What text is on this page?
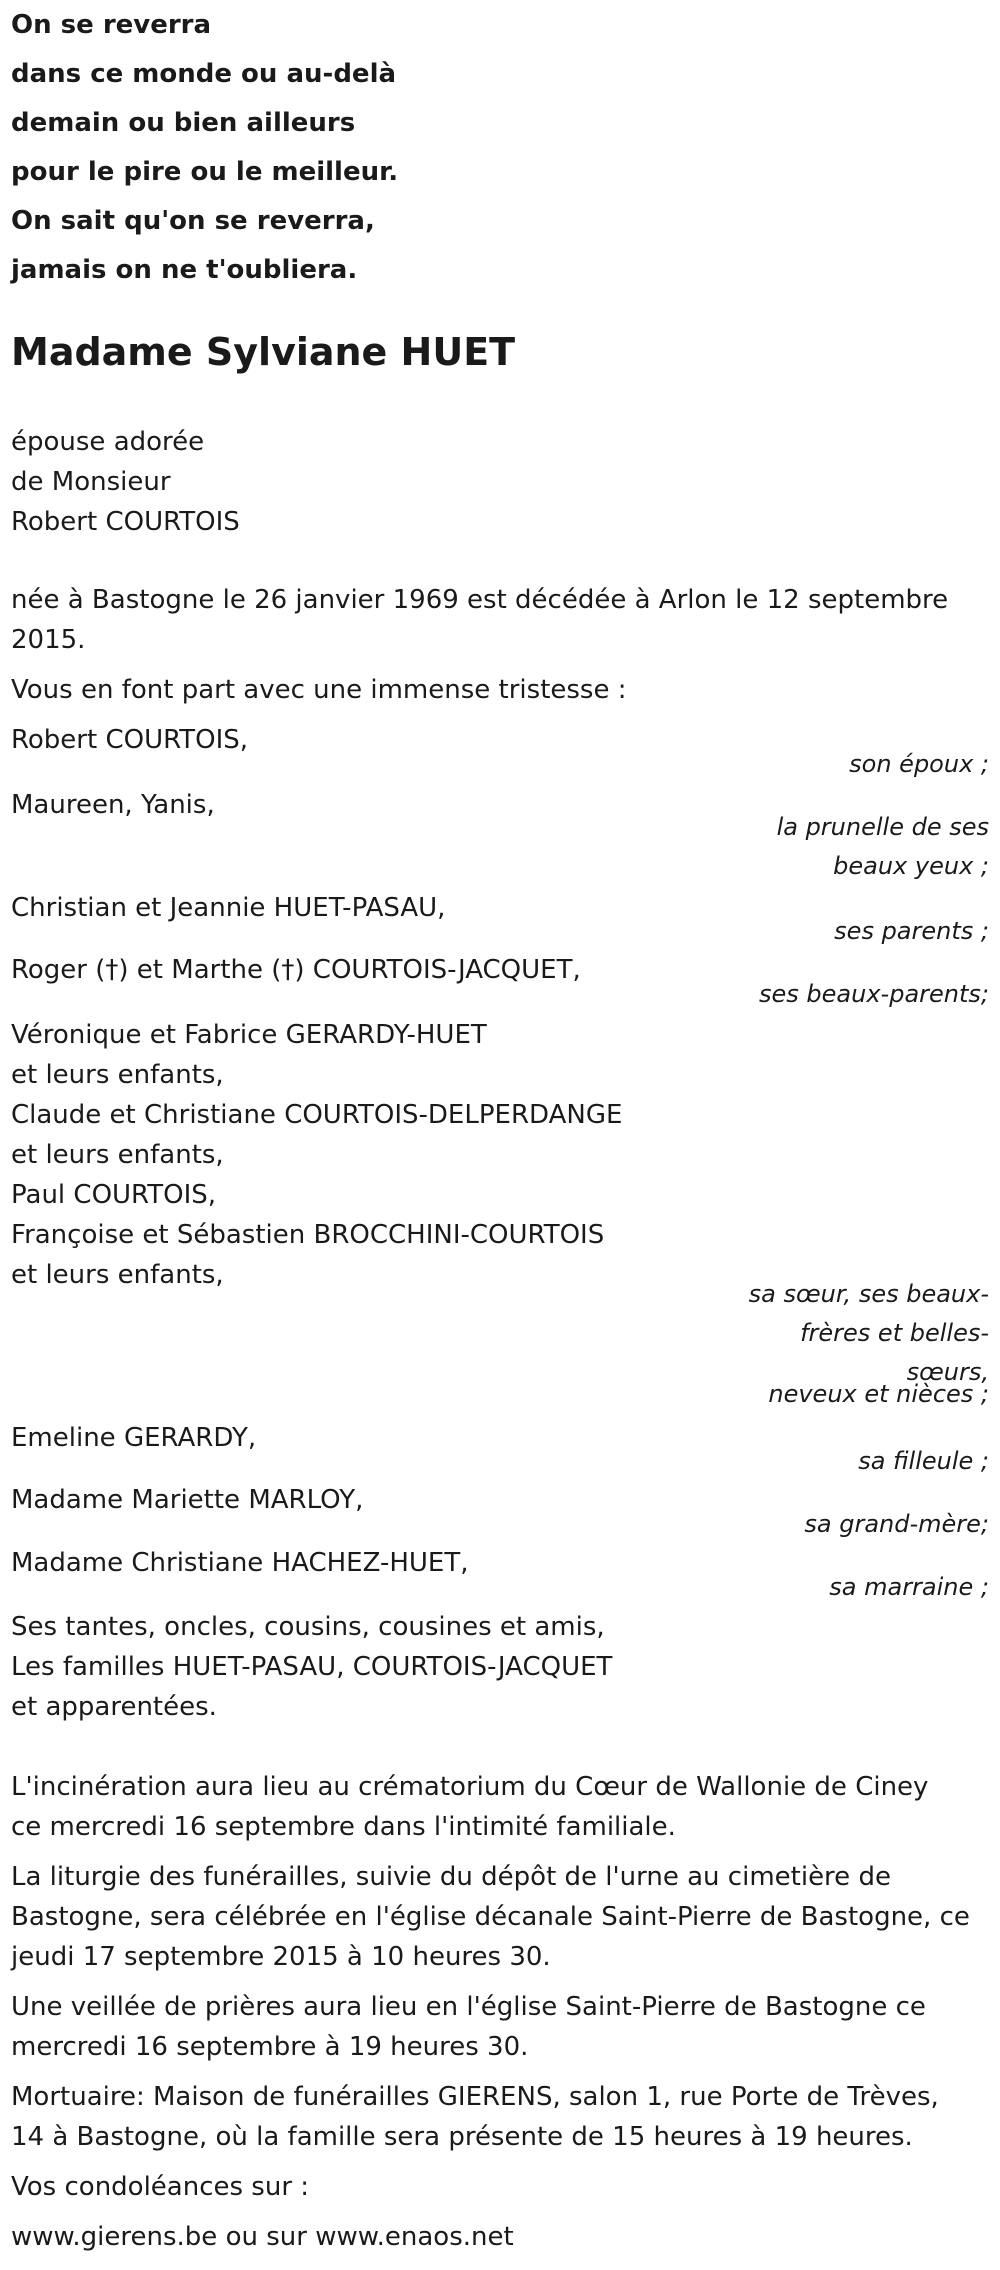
On se reverra
dans ce monde ou au-delà
demain ou bien ailleurs
pour le pire ou le meilleur.
On sait qu'on se reverra,
jamais on ne t'oubliera.
Madame Sylviane HUET
épouse adorée
de Monsieur
Robert COURTOIS
née à Bastogne le 26 janvier 1969 est décédée à Arlon le 12 septembre
2015.
Vous en font part avec une immense tristesse :
Robert COURTOIS,
son époux ;
Maureen, Yanis,
la prunelle de ses beaux yeux ;
Christian et Jeannie HUET-PASAU,
ses parents ;
Roger (†) et Marthe (†) COURTOIS-JACQUET,
ses beaux-parents;
Véronique et Fabrice GERARDY-HUET
et leurs enfants,
Claude et Christiane COURTOIS-DELPERDANGE
et leurs enfants,
Paul COURTOIS,
Françoise et Sébastien BROCCHINI-COURTOIS
et leurs enfants,
sa sœur, ses beaux-frères et belles-sœurs,
neveux et nièces ;
Emeline GERARDY,
sa filleule ;
Madame Mariette MARLOY,
sa grand-mère;
Madame Christiane HACHEZ-HUET,
sa marraine ;
Ses tantes, oncles, cousins, cousines et amis,
Les familles HUET-PASAU, COURTOIS-JACQUET
et apparentées.
L'incinération aura lieu au crématorium du Cœur de Wallonie de Ciney
ce mercredi 16 septembre dans l'intimité familiale.
La liturgie des funérailles, suivie du dépôt de l'urne au cimetière de
Bastogne, sera célébrée en l'église décanale Saint-Pierre de Bastogne, ce
jeudi 17 septembre 2015 à 10 heures 30.
Une veillée de prières aura lieu en l'église Saint-Pierre de Bastogne ce
mercredi 16 septembre à 19 heures 30.
Mortuaire: Maison de funérailles GIERENS, salon 1, rue Porte de Trèves,
14 à Bastogne, où la famille sera présente de 15 heures à 19 heures.
Vos condoléances sur :
www.gierens.be ou sur www.enaos.net
